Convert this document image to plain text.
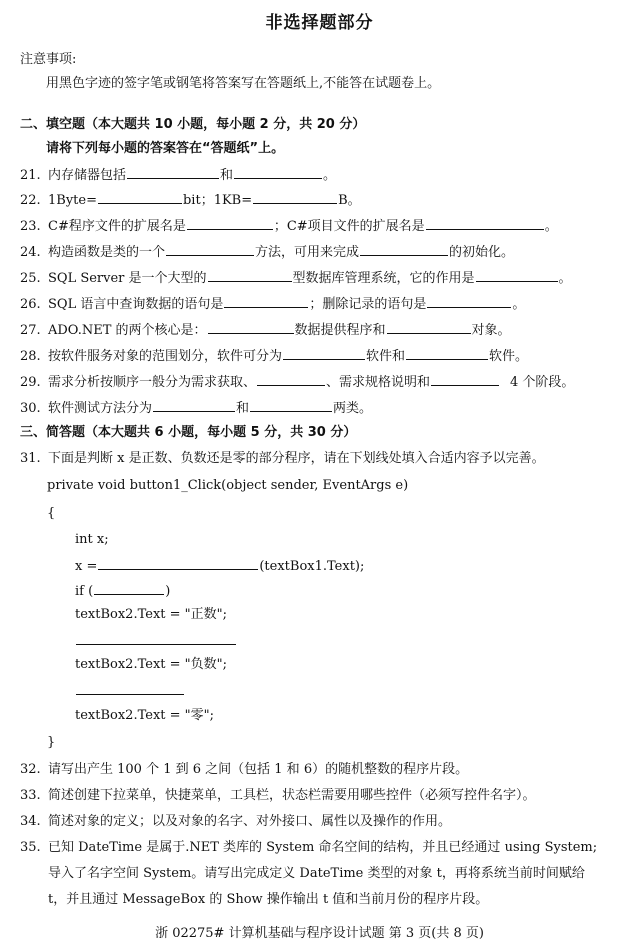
非选择题部分
注意事项:
用黑色字迹的签字笔或钢笔将答案写在答题纸上,不能答在试题卷上。
二、填空题（本大题共 10 小题，每小题 2 分，共 20 分）
请将下列每小题的答案答在“答题纸”上。
21. 内存储器包括	和	。
22. 1Byte=	bit；1KB=	B。
23. C#程序文件的扩展名是	；C#项目文件的扩展名是	。
24. 构造函数是类的一个	方法，可用来完成	的初始化。
25. SQL Server 是一个大型的	型数据库管理系统，它的作用是	。
26. SQL 语言中查询数据的语句是	；删除记录的语句是	。
27. ADO.NET 的两个核心是：	数据提供程序和	对象。
28. 按软件服务对象的范围划分，软件可分为	软件和	软件。
29. 需求分析按顺序一般分为需求获取、	、需求规格说明和	4 个阶段。
30. 软件测试方法分为	和	两类。
三、简答题（本大题共 6 小题，每小题 5 分，共 30 分）
31. 下面是判断 x 是正数、负数还是零的部分程序，请在下划线处填入合适内容予以完善。
private void button1_Click(object sender, EventArgs e)
{
int x;
x =	(textBox1.Text);
if (	)
textBox2.Text = "正数";
textBox2.Text = "负数";
textBox2.Text = "零";
}
32. 请写出产生 100 个 1 到 6 之间（包括 1 和 6）的随机整数的程序片段。
33. 简述创建下拉菜单，快捷菜单，工具栏，状态栏需要用哪些控件（必须写控件名字）。
34. 简述对象的定义；以及对象的名字、对外接口、属性以及操作的作用。
35. 已知 DateTime 是属于.NET 类库的 System 命名空间的结构，并且已经通过 using System;
导入了名字空间 System。请写出完成定义 DateTime 类型的对象 t，再将系统当前时间赋给
t，并且通过 MessageBox 的 Show 操作输出 t 值和当前月份的程序片段。
浙 02275# 计算机基础与程序设计试题 第 3 页(共 8 页)
